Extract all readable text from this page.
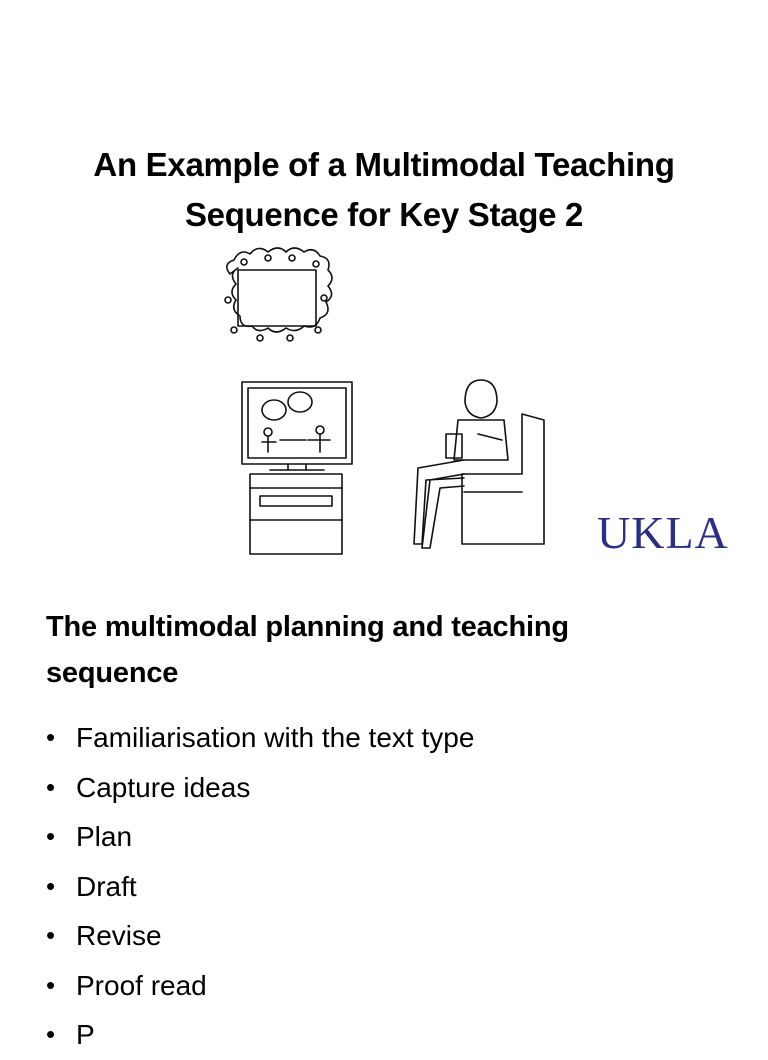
An Example of a Multimodal Teaching
Sequence for Key Stage 2
UKLA
The multimodal planning and teaching
sequence
• Familiarisation with the text type
• Capture ideas
• Plan
• Draft
• Revise
• Proof read
• P
